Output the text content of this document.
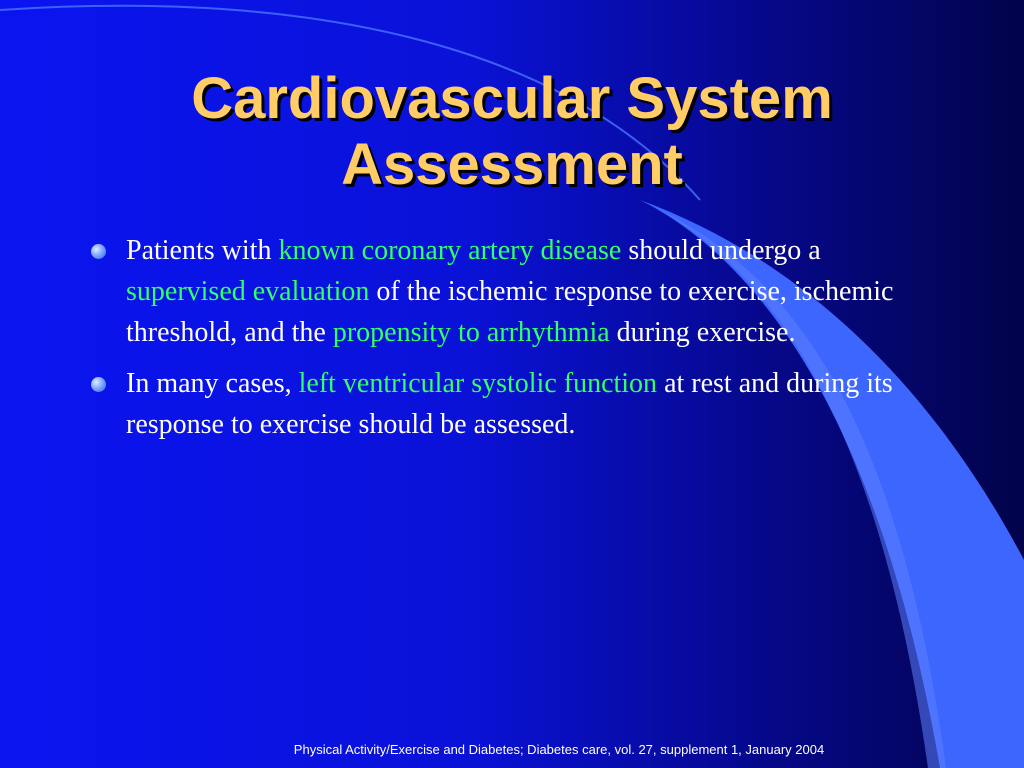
Cardiovascular System
Assessment
Patients with known coronary artery disease should undergo a supervised evaluation of the ischemic response to exercise, ischemic threshold, and the propensity to arrhythmia during exercise.
In many cases, left ventricular systolic function at rest and during its response to exercise should be assessed.
Physical Activity/Exercise and Diabetes; Diabetes care, vol. 27, supplement 1, January 2004
